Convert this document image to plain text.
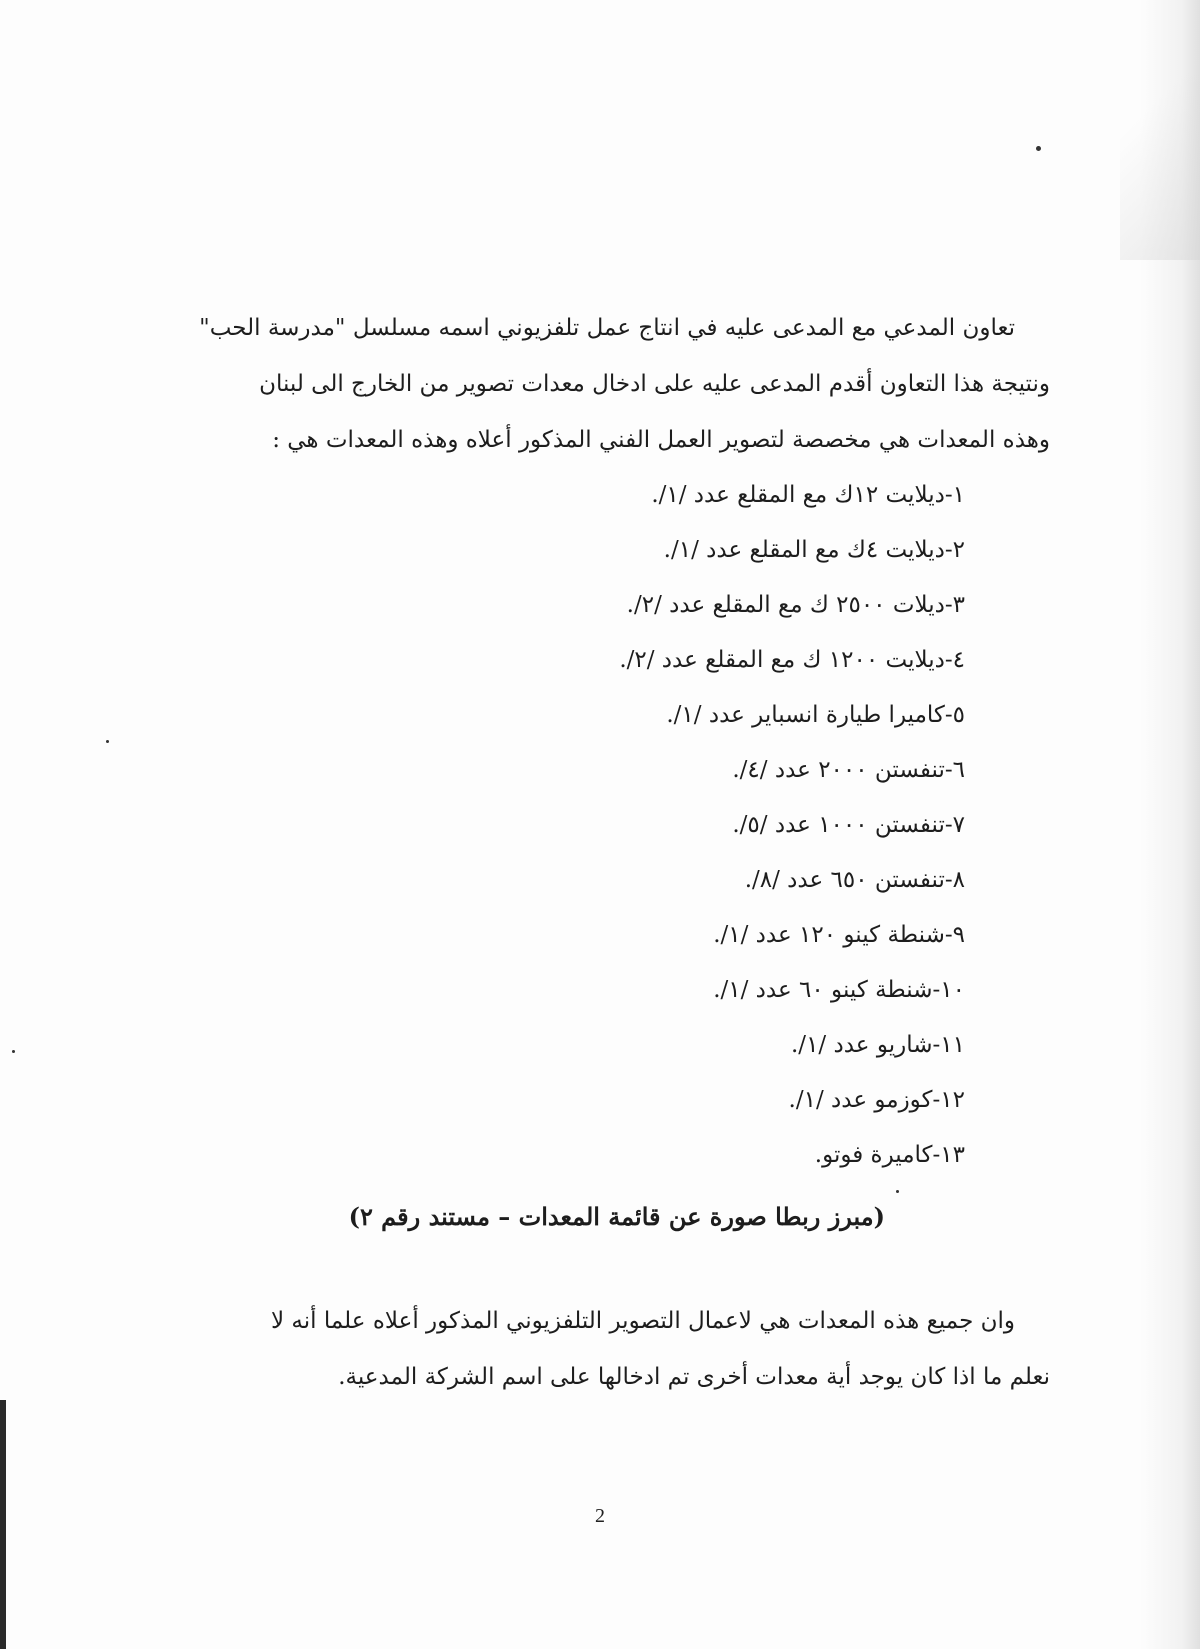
تعاون المدعي مع المدعى عليه في انتاج عمل تلفزيوني اسمه مسلسل "مدرسة الحب"
ونتيجة هذا التعاون أقدم المدعى عليه على ادخال معدات تصوير من الخارج الى لبنان
وهذه المعدات هي مخصصة لتصوير العمل الفني المذكور أعلاه وهذه المعدات هي :
١-ديلايت ١٢ك مع المقلع عدد /١/.
٢-ديلايت ٤ك مع المقلع عدد /١/.
٣-ديلات ٢٥٠٠ ك مع المقلع عدد /٢/.
٤-ديلايت ١٢٠٠ ك مع المقلع عدد /٢/.
٥-كاميرا طيارة انسباير عدد /١/.
٦-تنفستن ٢٠٠٠ عدد /٤/.
٧-تنفستن ١٠٠٠ عدد /٥/.
٨-تنفستن ٦٥٠ عدد /٨/.
٩-شنطة كينو ١٢٠ عدد /١/.
١٠-شنطة كينو ٦٠ عدد /١/.
١١-شاريو عدد /١/.
١٢-كوزمو عدد /١/.
١٣-كاميرة فوتو.
(مبرز ربطا صورة عن قائمة المعدات – مستند رقم ٢)
وان جميع هذه المعدات هي لاعمال التصوير التلفزيوني المذكور أعلاه علما أنه لا
نعلم ما اذا كان يوجد أية معدات أخرى تم ادخالها على اسم الشركة المدعية.
2
